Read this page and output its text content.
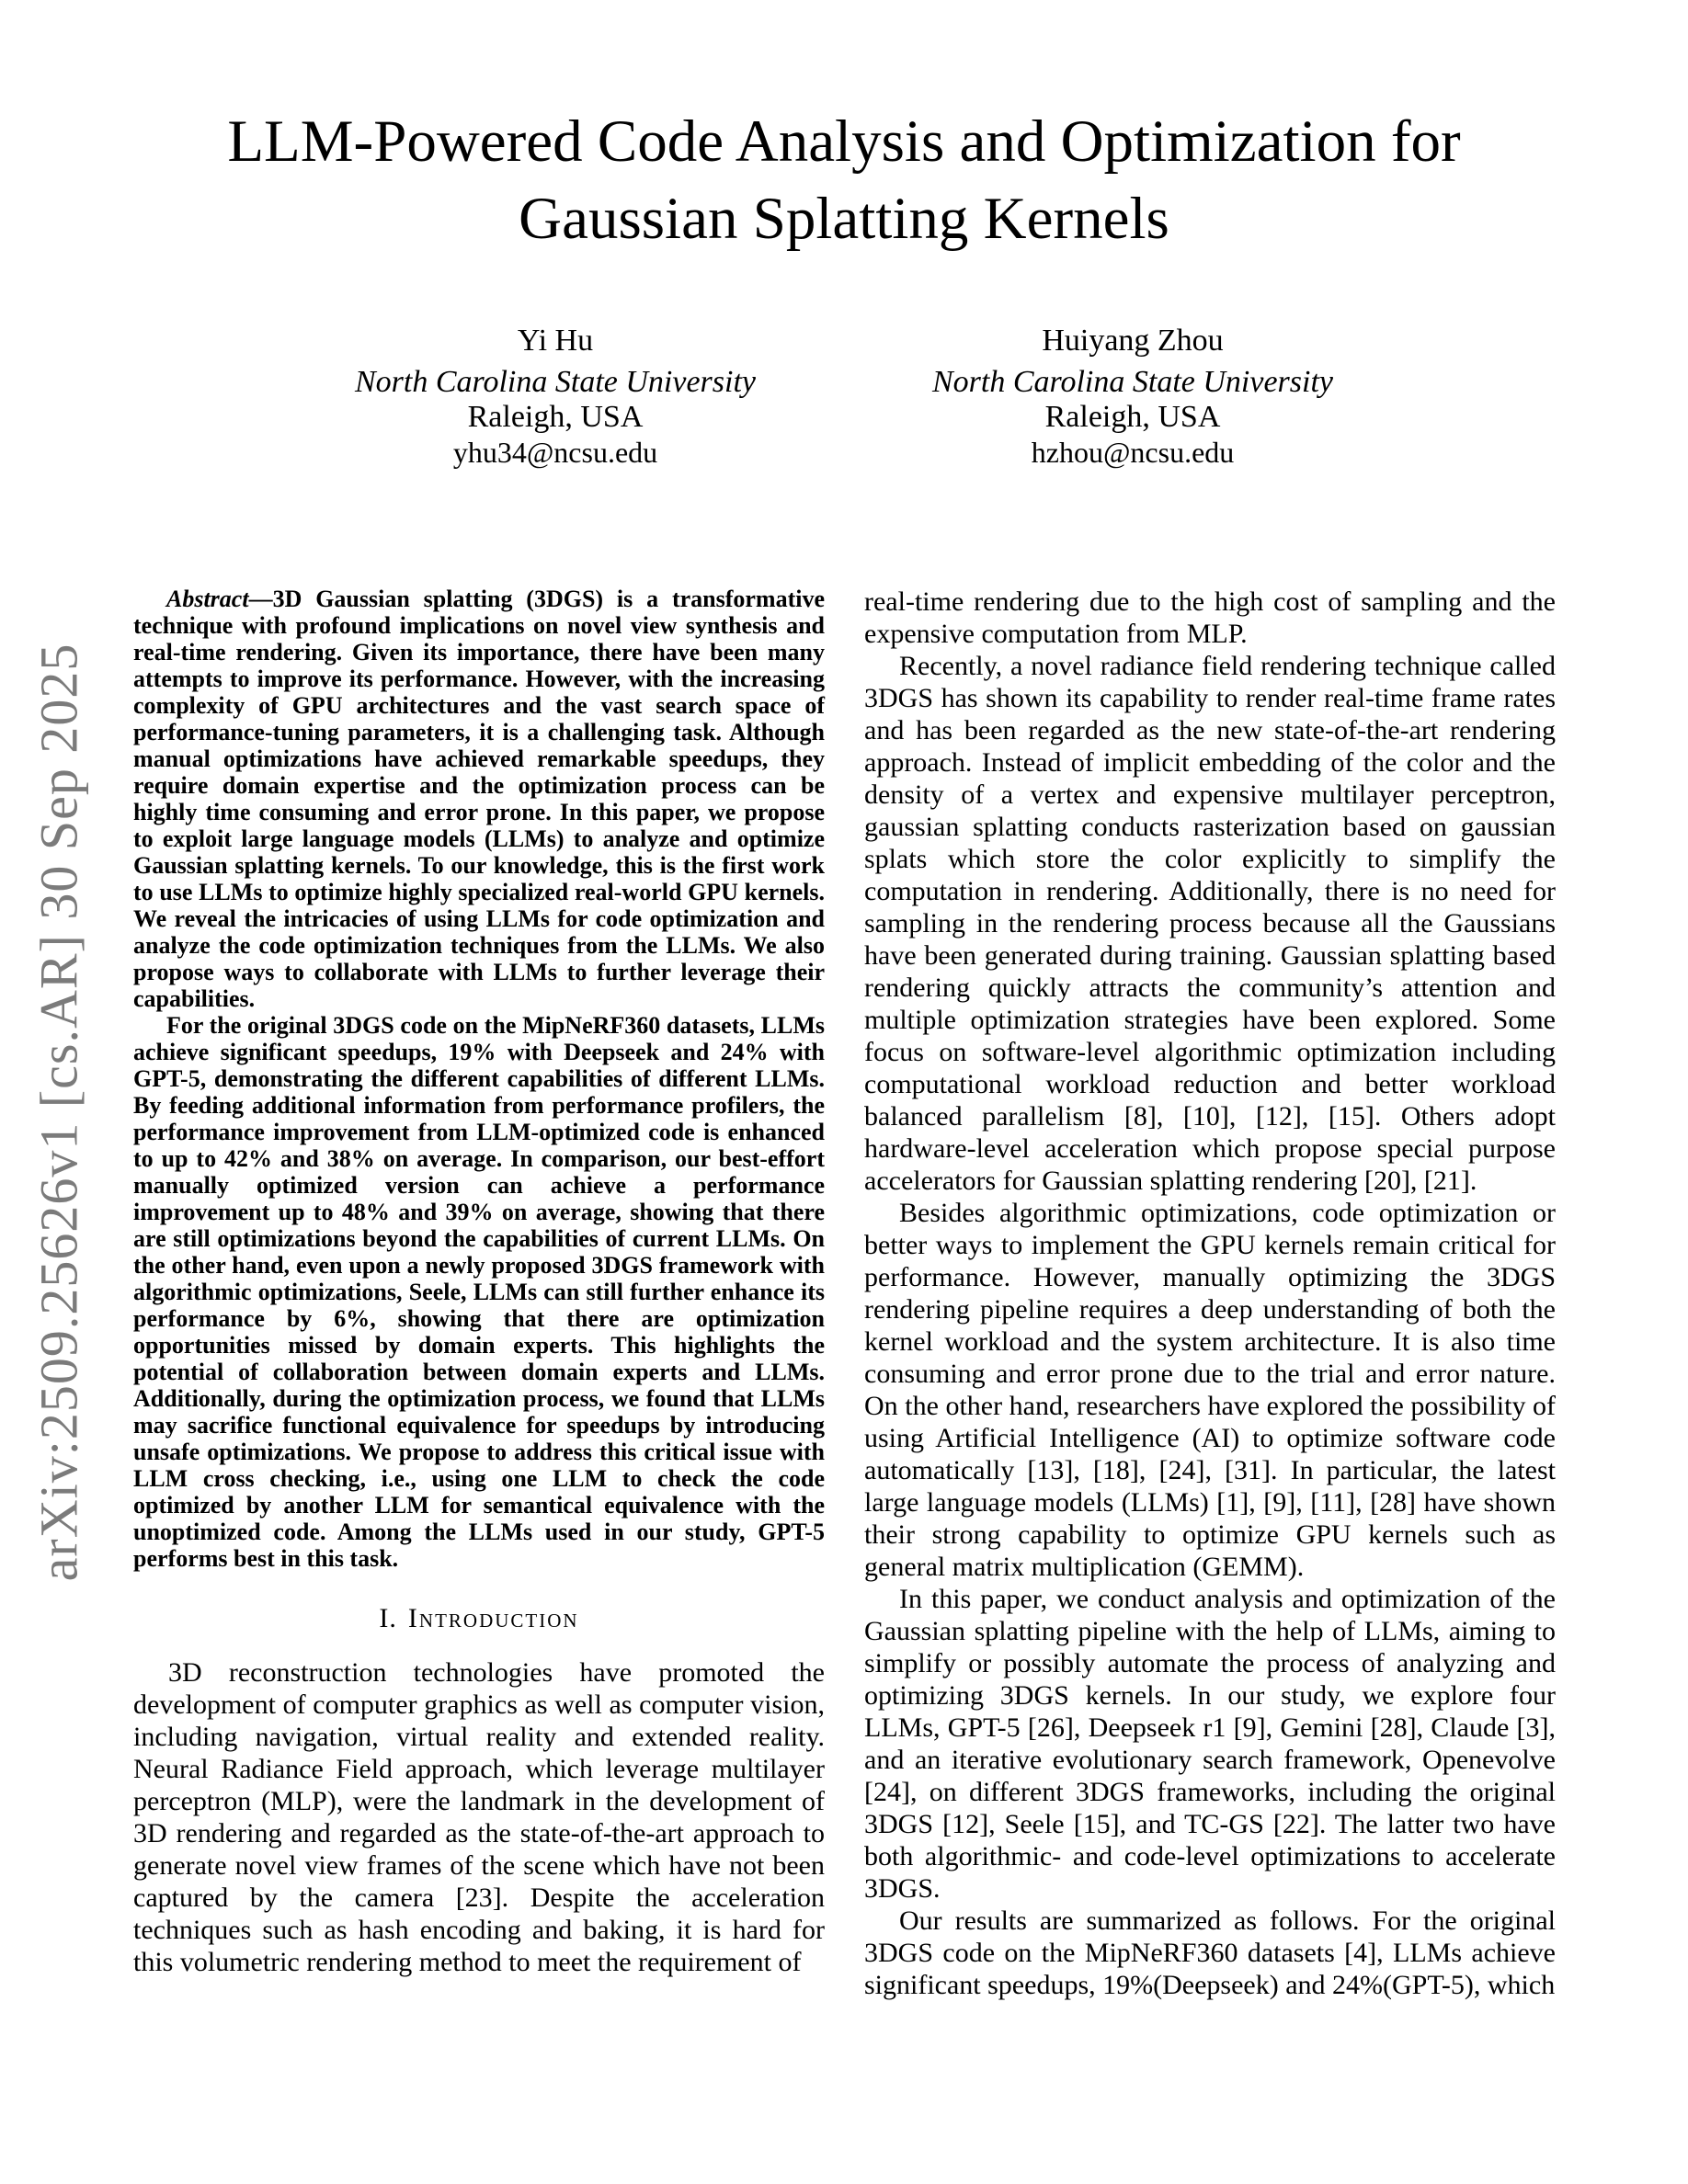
arXiv:2509.25626v1 [cs.AR] 30 Sep 2025
LLM-Powered Code Analysis and Optimization for
Gaussian Splatting Kernels
Yi Hu
North Carolina State University
Raleigh, USA
yhu34@ncsu.edu
Huiyang Zhou
North Carolina State University
Raleigh, USA
hzhou@ncsu.edu

Abstract—3D Gaussian splatting (3DGS) is a transformative technique with profound implications on novel view synthesis and real-time rendering. Given its importance, there have been many attempts to improve its performance. However, with the increasing complexity of GPU architectures and the vast search space of performance-tuning parameters, it is a challenging task. Although manual optimizations have achieved remarkable speedups, they require domain expertise and the optimization process can be highly time consuming and error prone. In this paper, we propose to exploit large language models (LLMs) to analyze and optimize Gaussian splatting kernels. To our knowledge, this is the first work to use LLMs to optimize highly specialized real-world GPU kernels. We reveal the intricacies of using LLMs for code optimization and analyze the code optimization techniques from the LLMs. We also propose ways to collaborate with LLMs to further leverage their capabilities.

For the original 3DGS code on the MipNeRF360 datasets, LLMs achieve significant speedups, 19% with Deepseek and 24% with GPT-5, demonstrating the different capabilities of different LLMs. By feeding additional information from performance profilers, the performance improvement from LLM-optimized code is enhanced to up to 42% and 38% on average. In comparison, our best-effort manually optimized version can achieve a performance improvement up to 48% and 39% on average, showing that there are still optimizations beyond the capabilities of current LLMs. On the other hand, even upon a newly proposed 3DGS framework with algorithmic optimizations, Seele, LLMs can still further enhance its performance by 6%, showing that there are optimization opportunities missed by domain experts. This highlights the potential of collaboration between domain experts and LLMs. Additionally, during the optimization process, we found that LLMs may sacrifice functional equivalence for speedups by introducing unsafe optimizations. We propose to address this critical issue with LLM cross checking, i.e., using one LLM to check the code optimized by another LLM for semantical equivalence with the unoptimized code. Among the LLMs used in our study, GPT-5 performs best in this task.

I. Introduction

3D reconstruction technologies have promoted the development of computer graphics as well as computer vision, including navigation, virtual reality and extended reality. Neural Radiance Field approach, which leverage multilayer perceptron (MLP), were the landmark in the development of 3D rendering and regarded as the state-of-the-art approach to generate novel view frames of the scene which have not been captured by the camera [23]. Despite the acceleration techniques such as hash encoding and baking, it is hard for this volumetric rendering method to meet the requirement of

real-time rendering due to the high cost of sampling and the expensive computation from MLP.

Recently, a novel radiance field rendering technique called 3DGS has shown its capability to render real-time frame rates and has been regarded as the new state-of-the-art rendering approach. Instead of implicit embedding of the color and the density of a vertex and expensive multilayer perceptron, gaussian splatting conducts rasterization based on gaussian splats which store the color explicitly to simplify the computation in rendering. Additionally, there is no need for sampling in the rendering process because all the Gaussians have been generated during training. Gaussian splatting based rendering quickly attracts the community’s attention and multiple optimization strategies have been explored. Some focus on software-level algorithmic optimization including computational workload reduction and better workload balanced parallelism [8], [10], [12], [15]. Others adopt hardware-level acceleration which propose special purpose accelerators for Gaussian splatting rendering [20], [21].

Besides algorithmic optimizations, code optimization or better ways to implement the GPU kernels remain critical for performance. However, manually optimizing the 3DGS rendering pipeline requires a deep understanding of both the kernel workload and the system architecture. It is also time consuming and error prone due to the trial and error nature. On the other hand, researchers have explored the possibility of using Artificial Intelligence (AI) to optimize software code automatically [13], [18], [24], [31]. In particular, the latest large language models (LLMs) [1], [9], [11], [28] have shown their strong capability to optimize GPU kernels such as general matrix multiplication (GEMM).

In this paper, we conduct analysis and optimization of the Gaussian splatting pipeline with the help of LLMs, aiming to simplify or possibly automate the process of analyzing and optimizing 3DGS kernels. In our study, we explore four LLMs, GPT-5 [26], Deepseek r1 [9], Gemini [28], Claude [3], and an iterative evolutionary search framework, Openevolve [24], on different 3DGS frameworks, including the original 3DGS [12], Seele [15], and TC-GS [22]. The latter two have both algorithmic- and code-level optimizations to accelerate 3DGS.

Our results are summarized as follows. For the original 3DGS code on the MipNeRF360 datasets [4], LLMs achieve significant speedups, 19%(Deepseek) and 24%(GPT-5), which
